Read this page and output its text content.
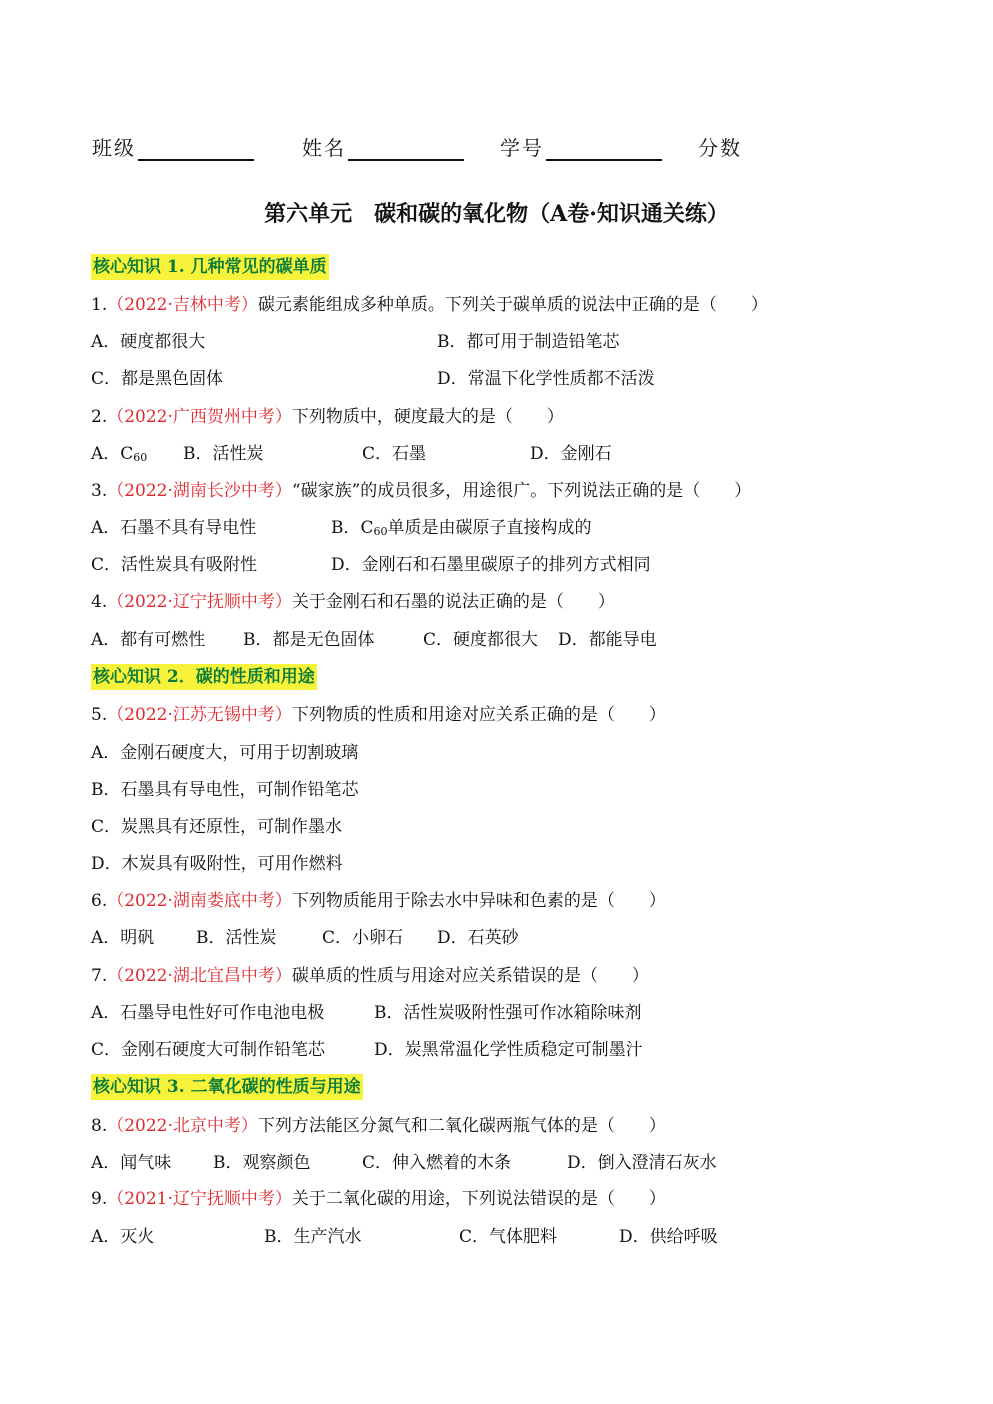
班级	姓名	学号	分数
第六单元　碳和碳的氧化物（A卷·知识通关练）
核心知识 1. 几种常见的碳单质
1.（2022·吉林中考）碳元素能组成多种单质。下列关于碳单质的说法中正确的是（　　）
A．硬度都很大	B．都可用于制造铅笔芯
C．都是黑色固体	D．常温下化学性质都不活泼
2.（2022·广西贺州中考）下列物质中，硬度最大的是（　　）
A．$C_{60}$ B．活性炭	C．石墨	D．金刚石
3.（2022·湖南长沙中考）“碳家族”的成员很多，用途很广。下列说法正确的是（　　）
A．石墨不具有导电性	B．$C_{60}$单质是由碳原子直接构成的
C．活性炭具有吸附性	D．金刚石和石墨里碳原子的排列方式相同
4.（2022·辽宁抚顺中考）关于金刚石和石墨的说法正确的是（　　）
A．都有可燃性 B．都是无色固体	C．硬度都很大 D．都能导电
核心知识 2．碳的性质和用途
5.（2022·江苏无锡中考）下列物质的性质和用途对应关系正确的是（　　）
A．金刚石硬度大，可用于切割玻璃
B．石墨具有导电性，可制作铅笔芯
C．炭黑具有还原性，可制作墨水
D．木炭具有吸附性，可用作燃料
6.（2022·湖南娄底中考）下列物质能用于除去水中异味和色素的是（　　）
A．明矾 B．活性炭	C．小卵石 D．石英砂
7.（2022·湖北宜昌中考）碳单质的性质与用途对应关系错误的是（　　）
A．石墨导电性好可作电池电极	B．活性炭吸附性强可作冰箱除味剂
C．金刚石硬度大可制作铅笔芯	D．炭黑常温化学性质稳定可制墨汁
核心知识 3. 二氧化碳的性质与用途
8.（2022·北京中考）下列方法能区分氮气和二氧化碳两瓶气体的是（　　）
A．闻气味 B．观察颜色	C．伸入燃着的木条	D．倒入澄清石灰水
9.（2021·辽宁抚顺中考）关于二氧化碳的用途，下列说法错误的是（　　）
A．灭火	B．生产汽水	C．气体肥料	D．供给呼吸
